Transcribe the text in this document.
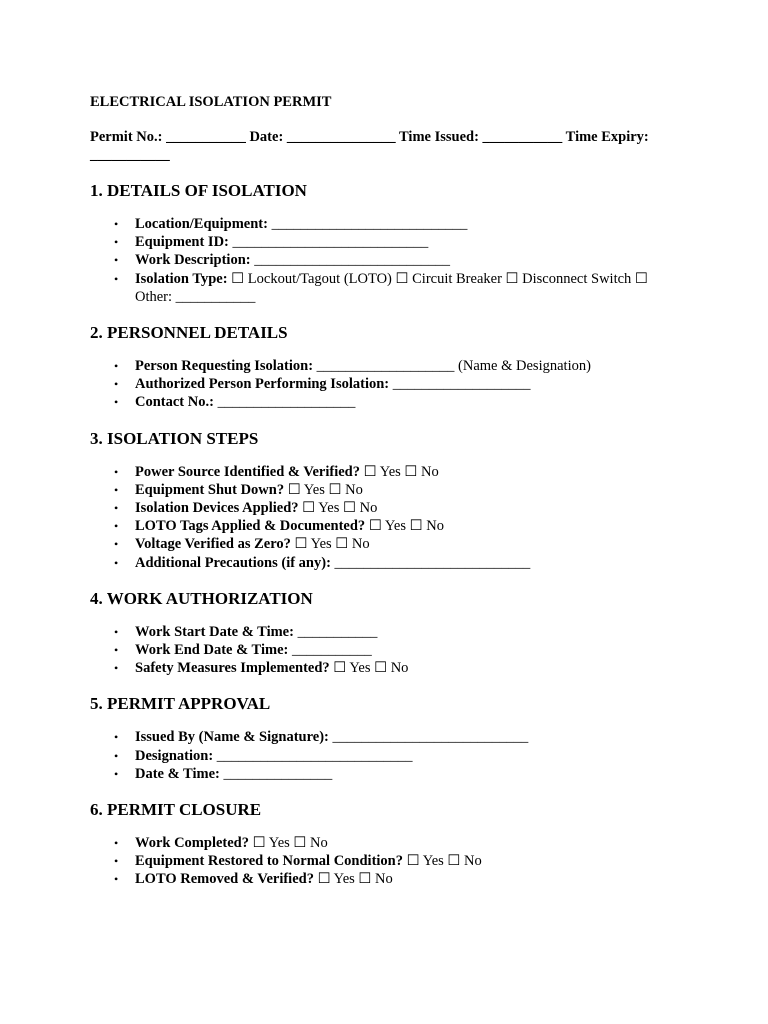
ELECTRICAL ISOLATION PERMIT
Permit No.: ___________ Date: _______________ Time Issued: ___________ Time Expiry: ___________
1. DETAILS OF ISOLATION
• Location/Equipment: ___________________________
• Equipment ID: ___________________________
• Work Description: ___________________________
• Isolation Type: ☐ Lockout/Tagout (LOTO) ☐ Circuit Breaker ☐ Disconnect Switch ☐ Other: ___________
2. PERSONNEL DETAILS
• Person Requesting Isolation: ___________________ (Name & Designation)
• Authorized Person Performing Isolation: ___________________
• Contact No.: ___________________
3. ISOLATION STEPS
• Power Source Identified & Verified? ☐ Yes ☐ No
• Equipment Shut Down? ☐ Yes ☐ No
• Isolation Devices Applied? ☐ Yes ☐ No
• LOTO Tags Applied & Documented? ☐ Yes ☐ No
• Voltage Verified as Zero? ☐ Yes ☐ No
• Additional Precautions (if any): ___________________________
4. WORK AUTHORIZATION
• Work Start Date & Time: ___________
• Work End Date & Time: ___________
• Safety Measures Implemented? ☐ Yes ☐ No
5. PERMIT APPROVAL
• Issued By (Name & Signature): ___________________________
• Designation: ___________________________
• Date & Time: _______________
6. PERMIT CLOSURE
• Work Completed? ☐ Yes ☐ No
• Equipment Restored to Normal Condition? ☐ Yes ☐ No
• LOTO Removed & Verified? ☐ Yes ☐ No
